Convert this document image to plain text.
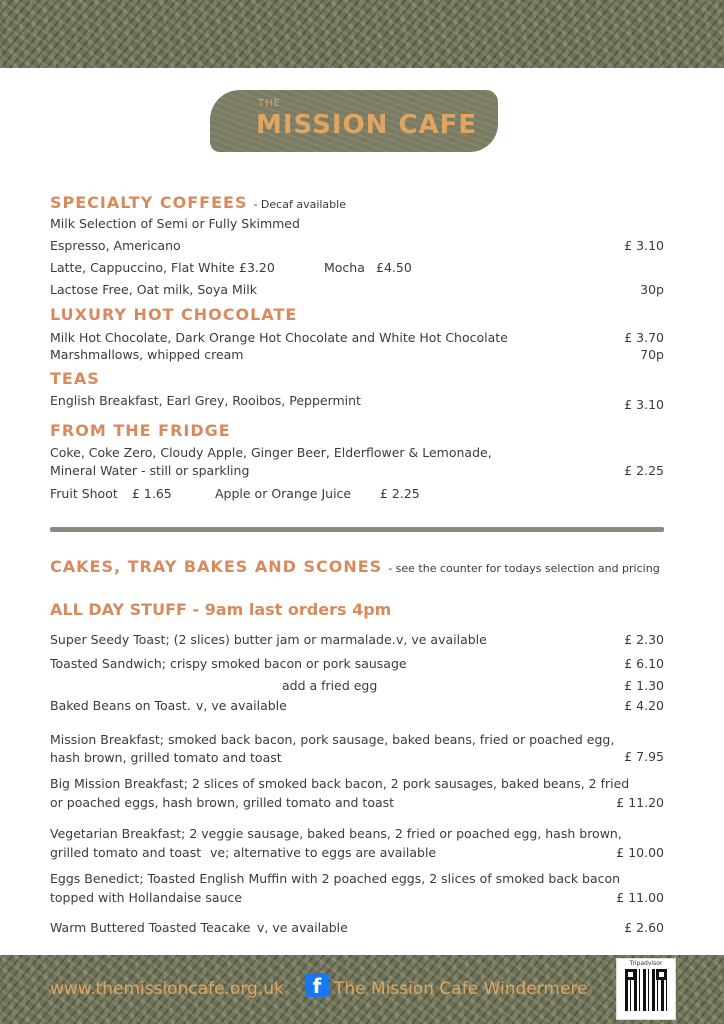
THE
MISSION CAFE
SPECIALTY COFFEES - Decaf available
Milk Selection of Semi or Fully Skimmed
Espresso, Americano	£ 3.10
Latte, Cappuccino, Flat White £3.20	Mocha £4.50
Lactose Free, Oat milk, Soya Milk	30p
LUXURY HOT CHOCOLATE
Milk Hot Chocolate, Dark Orange Hot Chocolate and White Hot Chocolate	£ 3.70
Marshmallows, whipped cream	70p
TEAS
English Breakfast, Earl Grey, Rooibos, Peppermint	£ 3.10
FROM THE FRIDGE
Coke, Coke Zero, Cloudy Apple, Ginger Beer, Elderflower & Lemonade,
Mineral Water - still or sparkling	£ 2.25
Fruit Shoot £ 1.65	Apple or Orange Juice £ 2.25
CAKES, TRAY BAKES AND SCONES - see the counter for todays selection and pricing
ALL DAY STUFF - 9am last orders 4pm
Super Seedy Toast; (2 slices) butter jam or marmalade. v, ve available	£ 2.30
Toasted Sandwich; crispy smoked bacon or pork sausage	£ 6.10
add a fried egg	£ 1.30
Baked Beans on Toast. v, ve available	£ 4.20
Mission Breakfast; smoked back bacon, pork sausage, baked beans, fried or poached egg,
hash brown, grilled tomato and toast	£ 7.95
Big Mission Breakfast; 2 slices of smoked back bacon, 2 pork sausages, baked beans, 2 fried
or poached eggs, hash brown, grilled tomato and toast	£ 11.20
Vegetarian Breakfast; 2 veggie sausage, baked beans, 2 fried or poached egg, hash brown,
grilled tomato and toast ve; alternative to eggs are available	£ 10.00
Eggs Benedict; Toasted English Muffin with 2 poached eggs, 2 slices of smoked back bacon
topped with Hollandaise sauce	£ 11.00
Warm Buttered Toasted Teacake v, ve available	£ 2.60
www.themissioncafe.org.uk	f The Mission Cafe Windermere
Tripadvisor
